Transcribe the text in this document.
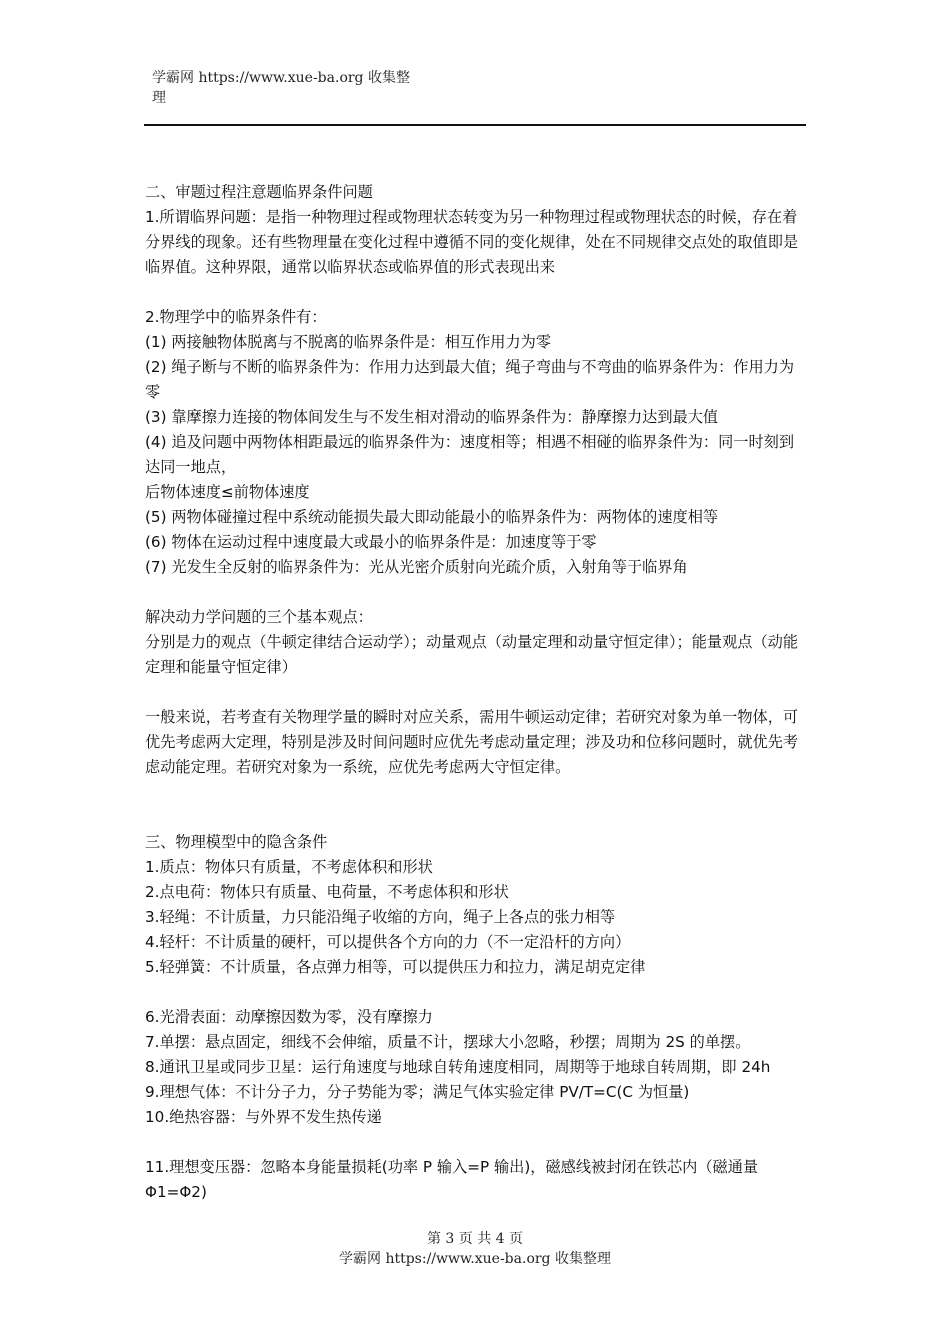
学霸网 https://www.xue-ba.org 收集整理

二、审题过程注意题临界条件问题

1.所谓临界问题：是指一种物理过程或物理状态转变为另一种物理过程或物理状态的时候，存在着分界线的现象。还有些物理量在变化过程中遵循不同的变化规律，处在不同规律交点处的取值即是临界值。这种界限，通常以临界状态或临界值的形式表现出来

2.物理学中的临界条件有：

(1) 两接触物体脱离与不脱离的临界条件是：相互作用力为零

(2) 绳子断与不断的临界条件为：作用力达到最大值；绳子弯曲与不弯曲的临界条件为：作用力为零

(3) 靠摩擦力连接的物体间发生与不发生相对滑动的临界条件为：静摩擦力达到最大值

(4) 追及问题中两物体相距最远的临界条件为：速度相等；相遇不相碰的临界条件为：同一时刻到达同一地点，

后物体速度≤前物体速度

(5) 两物体碰撞过程中系统动能损失最大即动能最小的临界条件为：两物体的速度相等

(6) 物体在运动过程中速度最大或最小的临界条件是：加速度等于零

(7) 光发生全反射的临界条件为：光从光密介质射向光疏介质，入射角等于临界角

解决动力学问题的三个基本观点：

分别是力的观点（牛顿定律结合运动学）；动量观点（动量定理和动量守恒定律）；能量观点（动能定理和能量守恒定律）

一般来说，若考查有关物理学量的瞬时对应关系，需用牛顿运动定律；若研究对象为单一物体，可优先考虑两大定理，特别是涉及时间问题时应优先考虑动量定理；涉及功和位移问题时，就优先考虑动能定理。若研究对象为一系统，应优先考虑两大守恒定律。

三、物理模型中的隐含条件

1.质点：物体只有质量，不考虑体积和形状

2.点电荷：物体只有质量、电荷量，不考虑体积和形状

3.轻绳：不计质量，力只能沿绳子收缩的方向，绳子上各点的张力相等

4.轻杆：不计质量的硬杆，可以提供各个方向的力（不一定沿杆的方向）

5.轻弹簧：不计质量，各点弹力相等，可以提供压力和拉力，满足胡克定律

6.光滑表面：动摩擦因数为零，没有摩擦力

7.单摆：悬点固定，细线不会伸缩，质量不计，摆球大小忽略，秒摆；周期为 2S 的单摆。

8.通讯卫星或同步卫星：运行角速度与地球自转角速度相同，周期等于地球自转周期，即 24h

9.理想气体：不计分子力，分子势能为零；满足气体实验定律 PV/T=C(C 为恒量)

10.绝热容器：与外界不发生热传递

11.理想变压器：忽略本身能量损耗(功率 P 输入=P 输出)，磁感线被封闭在铁芯内（磁通量 Φ1=Φ2)

第 3 页 共 4 页
学霸网 https://www.xue-ba.org 收集整理
